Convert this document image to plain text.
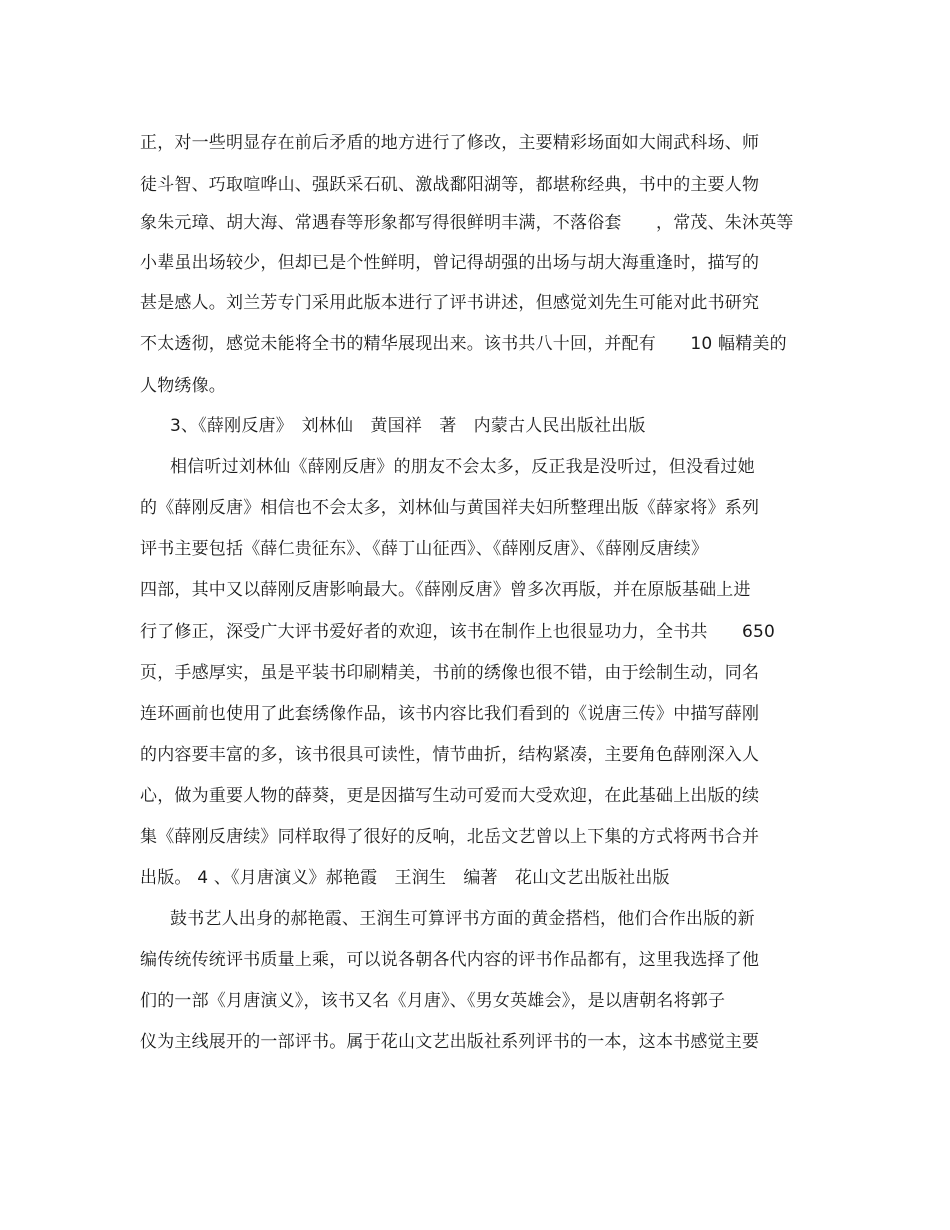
正，对一些明显存在前后矛盾的地方进行了修改，主要精彩场面如大闹武科场、师
徒斗智、巧取喧哗山、强跃采石矶、激战鄱阳湖等，都堪称经典，书中的主要人物
象朱元璋、胡大海、常遇春等形象都写得很鲜明丰满，不落俗套　　，常茂、朱沐英等
小辈虽出场较少，但却已是个性鲜明，曾记得胡强的出场与胡大海重逢时，描写的
甚是感人。刘兰芳专门采用此版本进行了评书讲述，但感觉刘先生可能对此书研究
不太透彻，感觉未能将全书的精华展现出来。该书共八十回，并配有　　10 幅精美的
人物绣像。
3、《薛刚反唐》　刘林仙　黄国祥　著　内蒙古人民出版社出版
相信听过刘林仙《薛刚反唐》的朋友不会太多，反正我是没听过，但没看过她
的《薛刚反唐》相信也不会太多，刘林仙与黄国祥夫妇所整理出版《薛家将》系列
评书主要包括《薛仁贵征东》、《薛丁山征西》、《薛刚反唐》、《薛刚反唐续》
四部，其中又以薛刚反唐影响最大。《薛刚反唐》曾多次再版，并在原版基础上进
行了修正，深受广大评书爱好者的欢迎，该书在制作上也很显功力，全书共　　650
页，手感厚实，虽是平装书印刷精美，书前的绣像也很不错，由于绘制生动，同名
连环画前也使用了此套绣像作品，该书内容比我们看到的《说唐三传》中描写薛刚
的内容要丰富的多，该书很具可读性，情节曲折，结构紧凑，主要角色薛刚深入人
心，做为重要人物的薛葵，更是因描写生动可爱而大受欢迎，在此基础上出版的续
集《薛刚反唐续》同样取得了很好的反响，北岳文艺曾以上下集的方式将两书合并
出版。 4 、《月唐演义》郝艳霞　王润生　编著　花山文艺出版社出版
鼓书艺人出身的郝艳霞、王润生可算评书方面的黄金搭档，他们合作出版的新
编传统传统评书质量上乘，可以说各朝各代内容的评书作品都有，这里我选择了他
们的一部《月唐演义》，该书又名《月唐》、《男女英雄会》，是以唐朝名将郭子
仪为主线展开的一部评书。属于花山文艺出版社系列评书的一本，这本书感觉主要
